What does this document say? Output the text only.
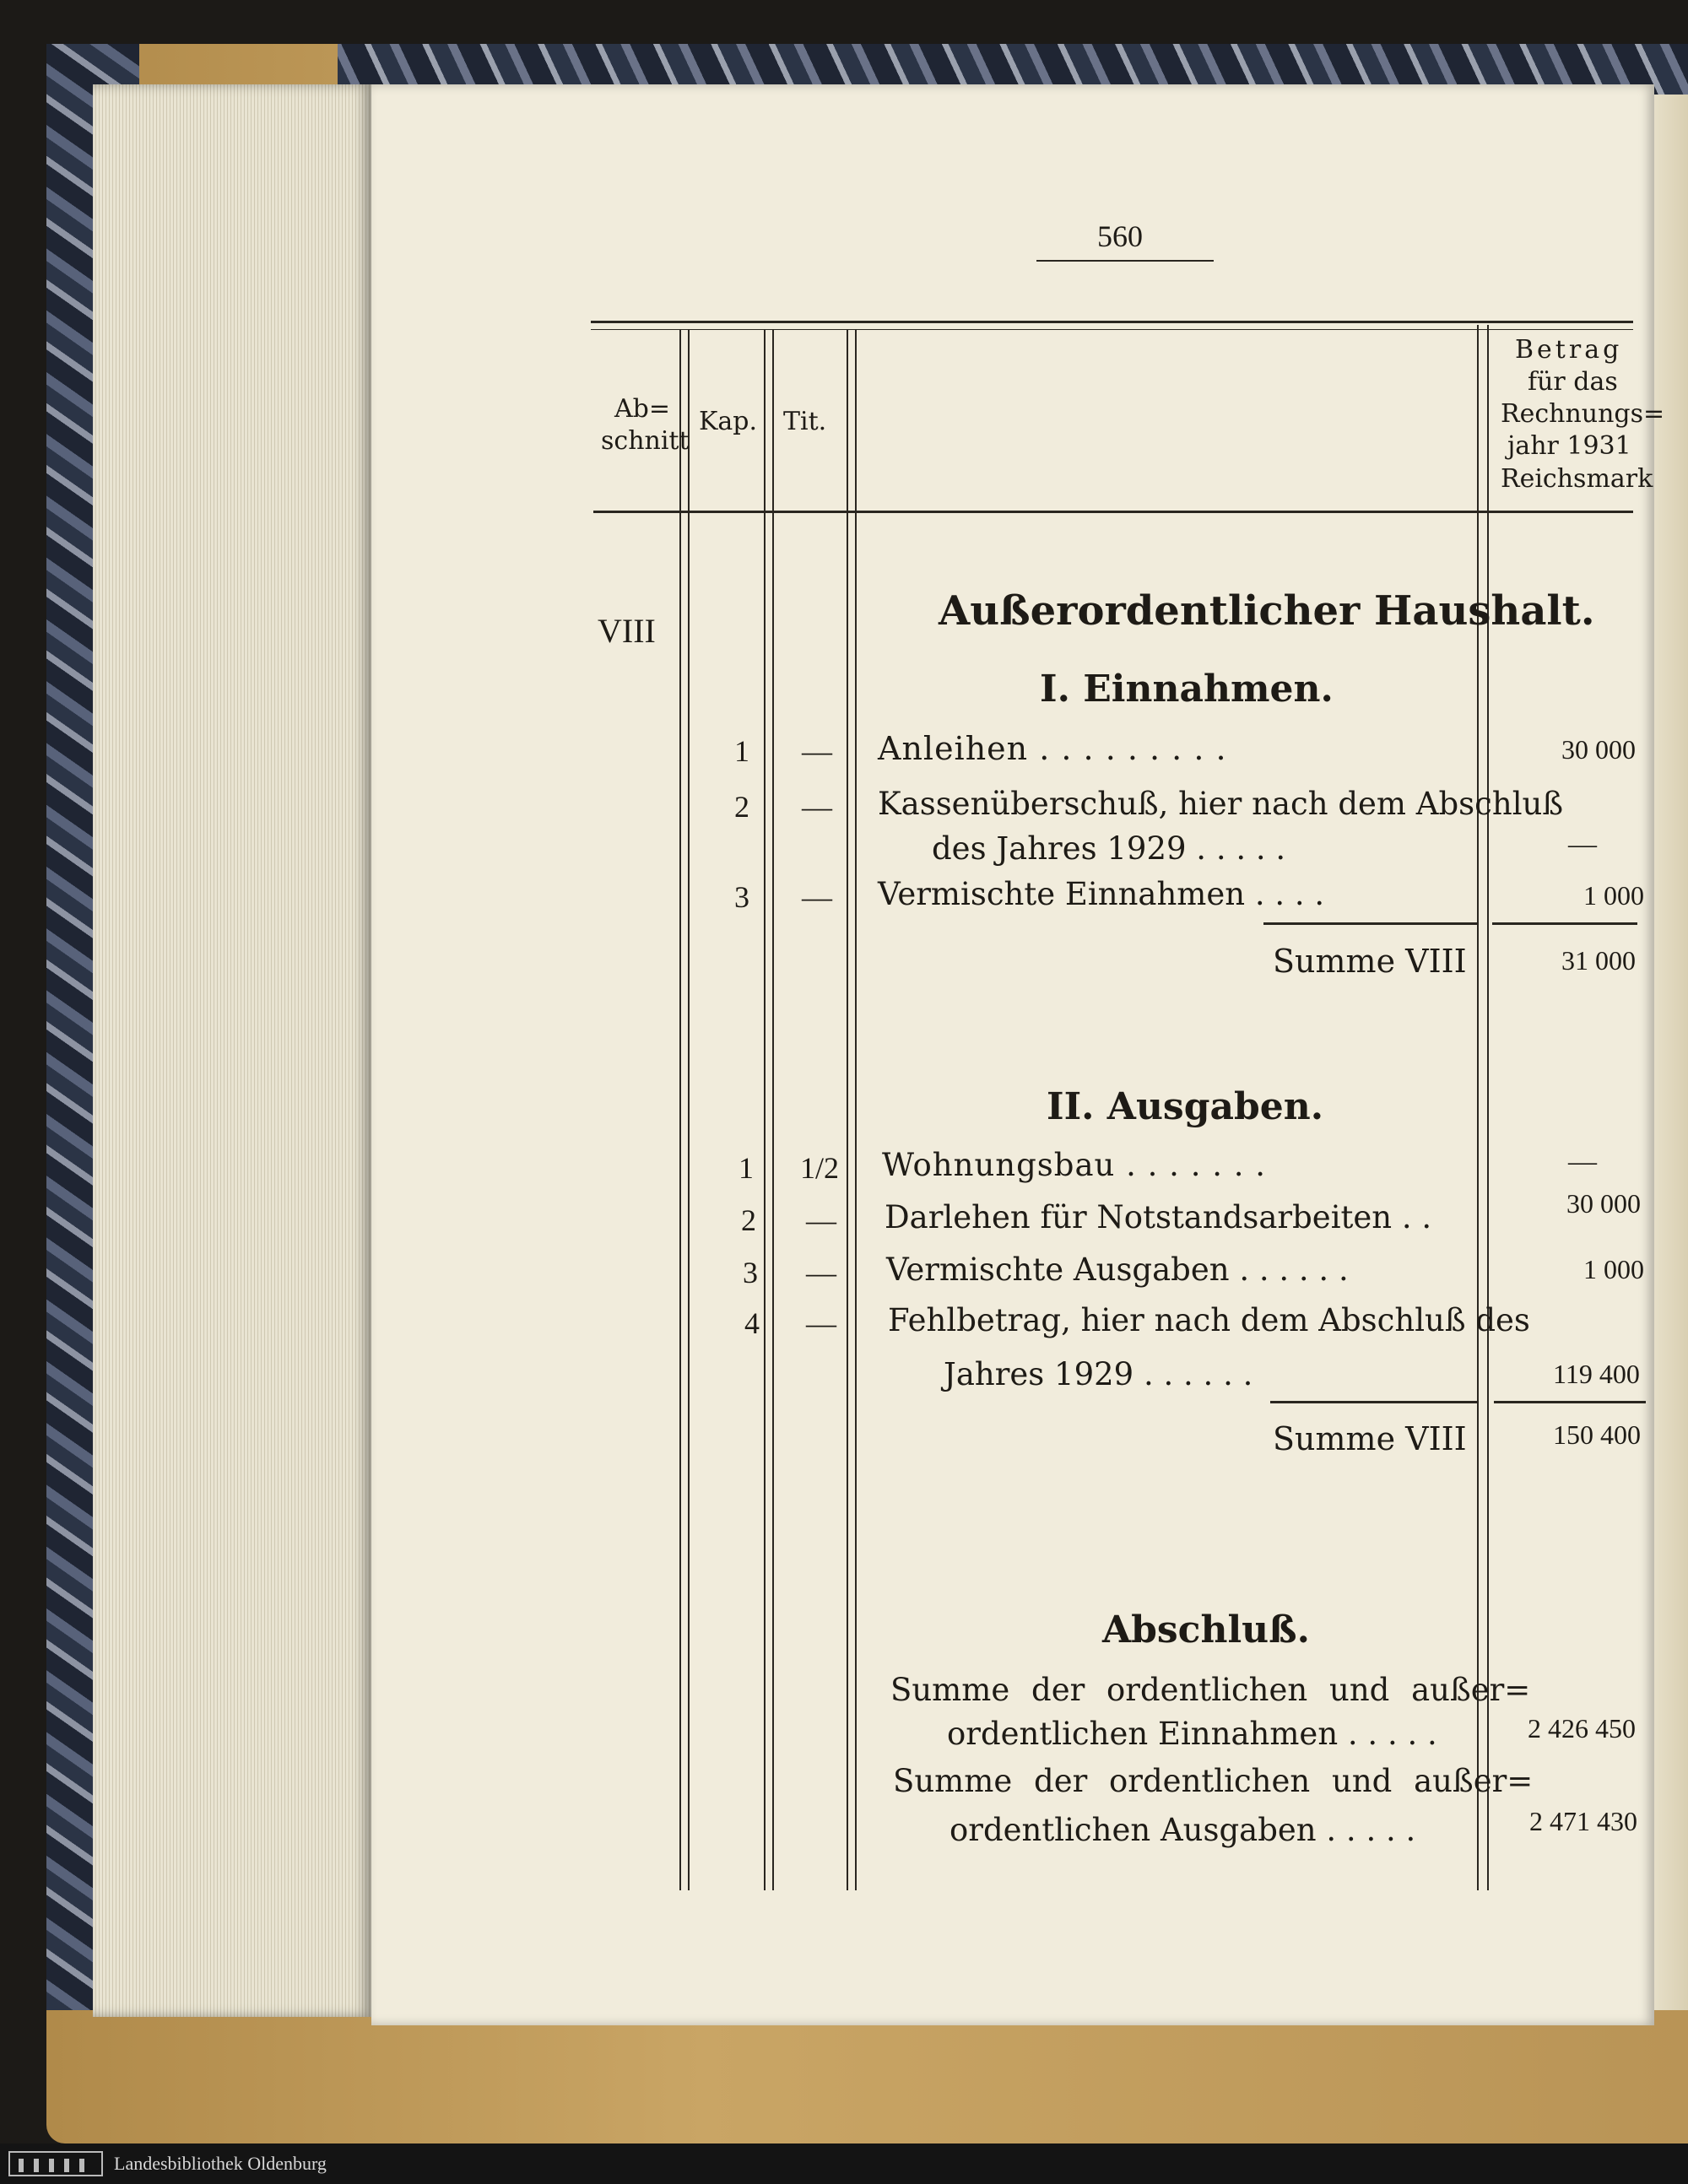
560
Ab=
schnitt
Kap. Tit.
Betrag
für das
Rechnungs=
jahr 1931
Reichsmark
VIII	Außerordentlicher Haushalt.
I. Einnahmen.
1 — Anleihen . . . . . . . . .	30 000
2 — Kassenüberschuß, hier nach dem Abschluß
des Jahres 1929 . . . . .	—
3 — Vermischte Einnahmen . . . .	1 000
Summe VIII	31 000
II. Ausgaben.
1 1/2 Wohnungsbau . . . . . . .	—
2 — Darlehen für Notstandsarbeiten . .	30 000
3 — Vermischte Ausgaben . . . . . .	1 000
4 — Fehlbetrag, hier nach dem Abschluß des
Jahres 1929 . . . . . .	119 400
Summe VIII	150 400
Abschluß.
Summe der ordentlichen und außer=
ordentlichen Einnahmen . . . . .	2 426 450
Summe der ordentlichen und außer=
ordentlichen Ausgaben . . . . .	2 471 430
Landesbibliothek Oldenburg
